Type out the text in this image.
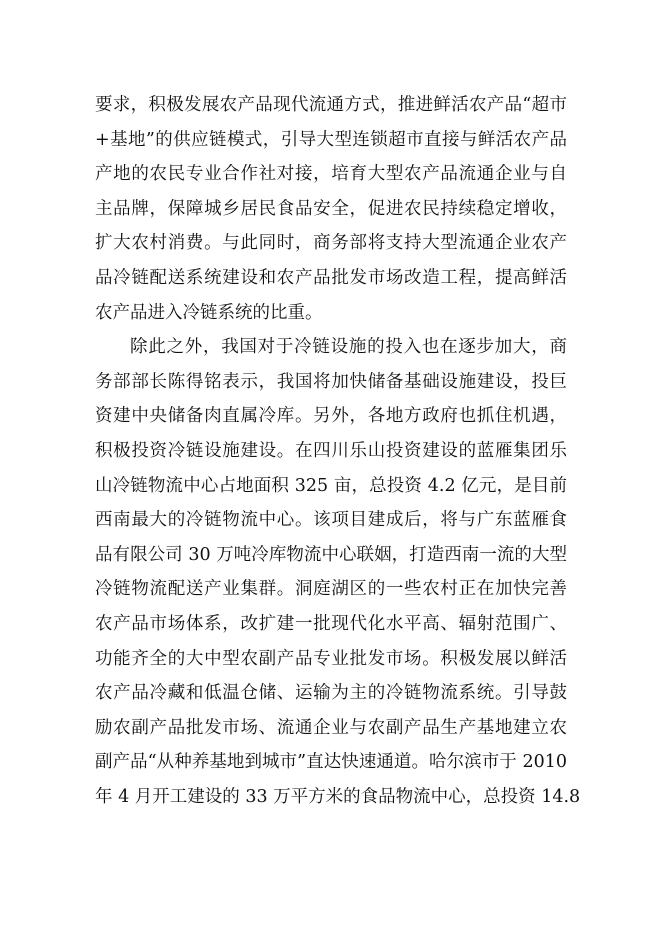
要求，积极发展农产品现代流通方式，推进鲜活农产品“超市
+基地”的供应链模式，引导大型连锁超市直接与鲜活农产品
产地的农民专业合作社对接，培育大型农产品流通企业与自
主品牌，保障城乡居民食品安全，促进农民持续稳定增收，
扩大农村消费。与此同时，商务部将支持大型流通企业农产
品冷链配送系统建设和农产品批发市场改造工程，提高鲜活
农产品进入冷链系统的比重。
除此之外，我国对于冷链设施的投入也在逐步加大，商
务部部长陈得铭表示，我国将加快储备基础设施建设，投巨
资建中央储备肉直属冷库。另外，各地方政府也抓住机遇，
积极投资冷链设施建设。在四川乐山投资建设的蓝雁集团乐
山冷链物流中心占地面积 325 亩，总投资 4.2 亿元，是目前
西南最大的冷链物流中心。该项目建成后，将与广东蓝雁食
品有限公司 30 万吨冷库物流中心联姻，打造西南一流的大型
冷链物流配送产业集群。洞庭湖区的一些农村正在加快完善
农产品市场体系，改扩建一批现代化水平高、辐射范围广、
功能齐全的大中型农副产品专业批发市场。积极发展以鲜活
农产品冷藏和低温仓储、运输为主的冷链物流系统。引导鼓
励农副产品批发市场、流通企业与农副产品生产基地建立农
副产品“从种养基地到城市”直达快速通道。哈尔滨市于 2010
年 4 月开工建设的 33 万平方米的食品物流中心，总投资 14.8
